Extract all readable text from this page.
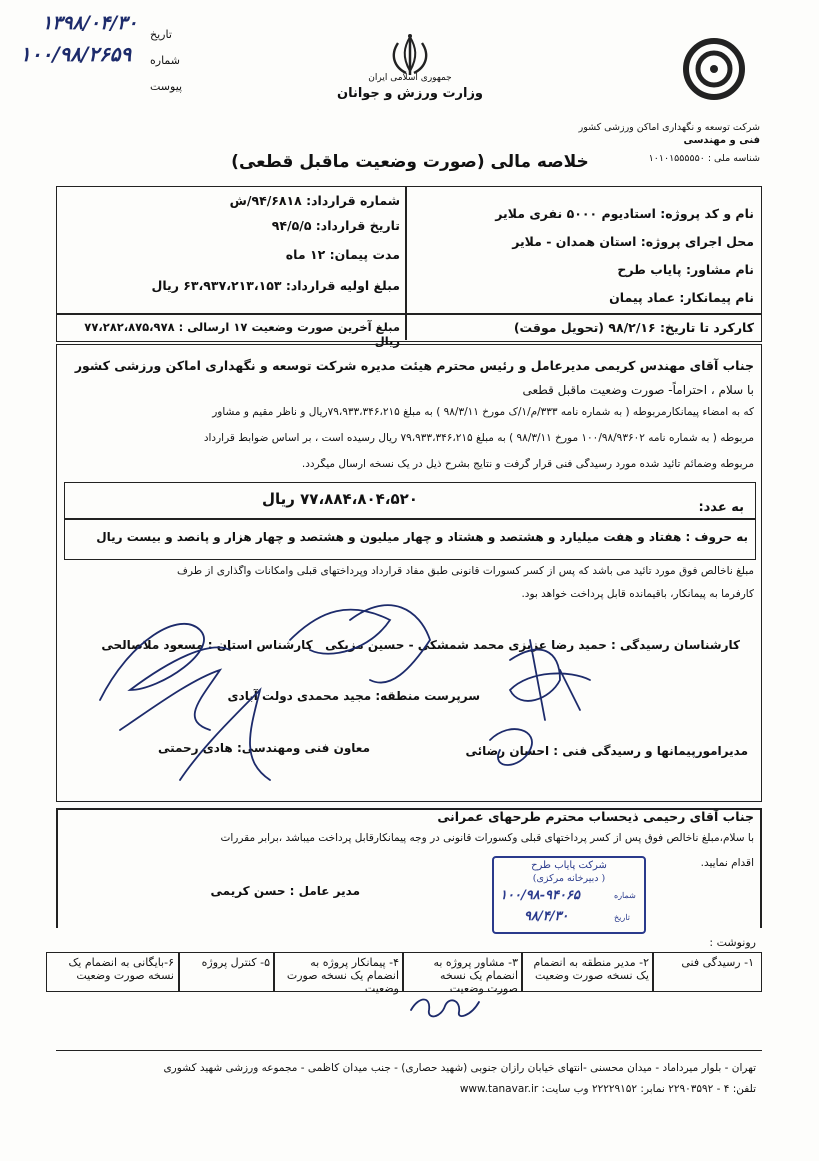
۱۳۹۸/۰۴/۳۰
تاریخ
۱۰۰/۹۸/۲۶۵۹ شماره
پیوست
جمهوری اسلامی ایران
وزارت ورزش و جوانان
شرکت توسعه و نگهداری اماکن ورزشی کشور
فنی و مهندسی
شناسه ملی : ۱۰۱۰۱۵۵۵۵۵۰
خلاصه مالی (صورت وضعیت ماقبل قطعی)
نام و کد پروژه: استادیوم ۵۰۰۰ نفری ملایر
محل اجرای پروژه: استان همدان - ملایر
نام مشاور: پایاب طرح
نام پیمانکار: عماد پیمان
شماره قرارداد: ۹۴/۶۸۱۸/ش
تاریخ قرارداد: ۹۴/۵/۵
مدت پیمان: ۱۲ ماه
مبلغ اولیه قرارداد: ۶۳،۹۳۷،۲۱۳،۱۵۳ ریال
کارکرد تا تاریخ: ۹۸/۲/۱۶ (تحویل موقت)
مبلغ آخرین صورت وضعیت ۱۷ ارسالی : ۷۷،۲۸۲،۸۷۵،۹۷۸ ریال
جناب آقای مهندس کریمی مدیرعامل و رئیس محترم هیئت مدیره شرکت توسعه و نگهداری اماکن ورزشی کشور
با سلام ، احتراماً- صورت وضعیت ماقبل قطعی
که به امضاء پیمانکارمربوطه ( به شماره نامه ۳۳۳/م/۱/ک مورخ ۹۸/۳/۱۱ ) به مبلغ ۷۹،۹۳۳،۳۴۶،۲۱۵ریال و ناظر مقیم و مشاور
مربوطه ( به شماره نامه ۱۰۰/۹۸/۹۳۶۰۲ مورخ ۹۸/۳/۱۱ ) به مبلغ ۷۹،۹۳۳،۳۴۶،۲۱۵ ریال رسیده است ، بر اساس ضوابط قرارداد
مربوطه وضمائم تائید شده مورد رسیدگی فنی قرار گرفت و نتایج بشرح ذیل در یک نسخه ارسال میگردد.
به عدد:
۷۷،۸۸۴،۸۰۴،۵۲۰ ریال
به حروف : هفتاد و هفت میلیارد و هشتصد و هشتاد و چهار میلیون و هشتصد و چهار هزار و پانصد و بیست ریال
مبلغ ناخالص فوق مورد تائید می باشد که پس از کسر کسورات قانونی طبق مفاد قرارداد وپرداختهای قبلی وامکانات واگذاری از طرف
کارفرما به پیمانکار، باقیمانده قابل پرداخت خواهد بود.
کارشناسان رسیدگی : حمید رضا عزیزی محمد شمشکی - حسین مزیکی   کارشناس استان : مسعود ملاصالحی
سرپرست منطقه: مجید محمدی دولت آبادی
مدیرامورپیمانها و رسیدگی فنی : احسان رضائی
معاون فنی ومهندسی: هادی رحمتی
جناب آقای رحیمی ذیحساب محترم طرحهای عمرانی
با سلام،مبلغ ناخالص فوق پس از کسر پرداختهای قبلی وکسورات قانونی در وجه پیمانکارقابل پرداخت میباشد ،برابر مقررات
اقدام نمایید.
مدیر عامل : حسن کریمی
شرکت پایاب طرح
( دبیرخانه مرکزی)
شماره
۱۰۰/۹۸-۹۴۰۶۵
تاریخ
۹۸/۴/۳۰
رونوشت :
۱- رسیدگی فنی
۲- مدیر منطقه به انضمام یک نسخه صورت وضعیت
۳- مشاور پروژه به انضمام یک نسخه صورت وضعیت
۴- پیمانکار پروژه به انضمام یک نسخه صورت وضعیت
۵- کنترل پروژه
۶-بایگانی به انضمام یک نسخه صورت وضعیت
تهران - بلوار میرداماد - میدان محسنی -انتهای خیابان رازان جنوبی (شهید حصاری) - جنب میدان کاظمی - مجموعه ورزشی شهید کشوری
تلفن: ۴ - ۲۲۹۰۳۵۹۲ نمابر: ۲۲۲۲۹۱۵۲ وب سایت: www.tanavar.ir
